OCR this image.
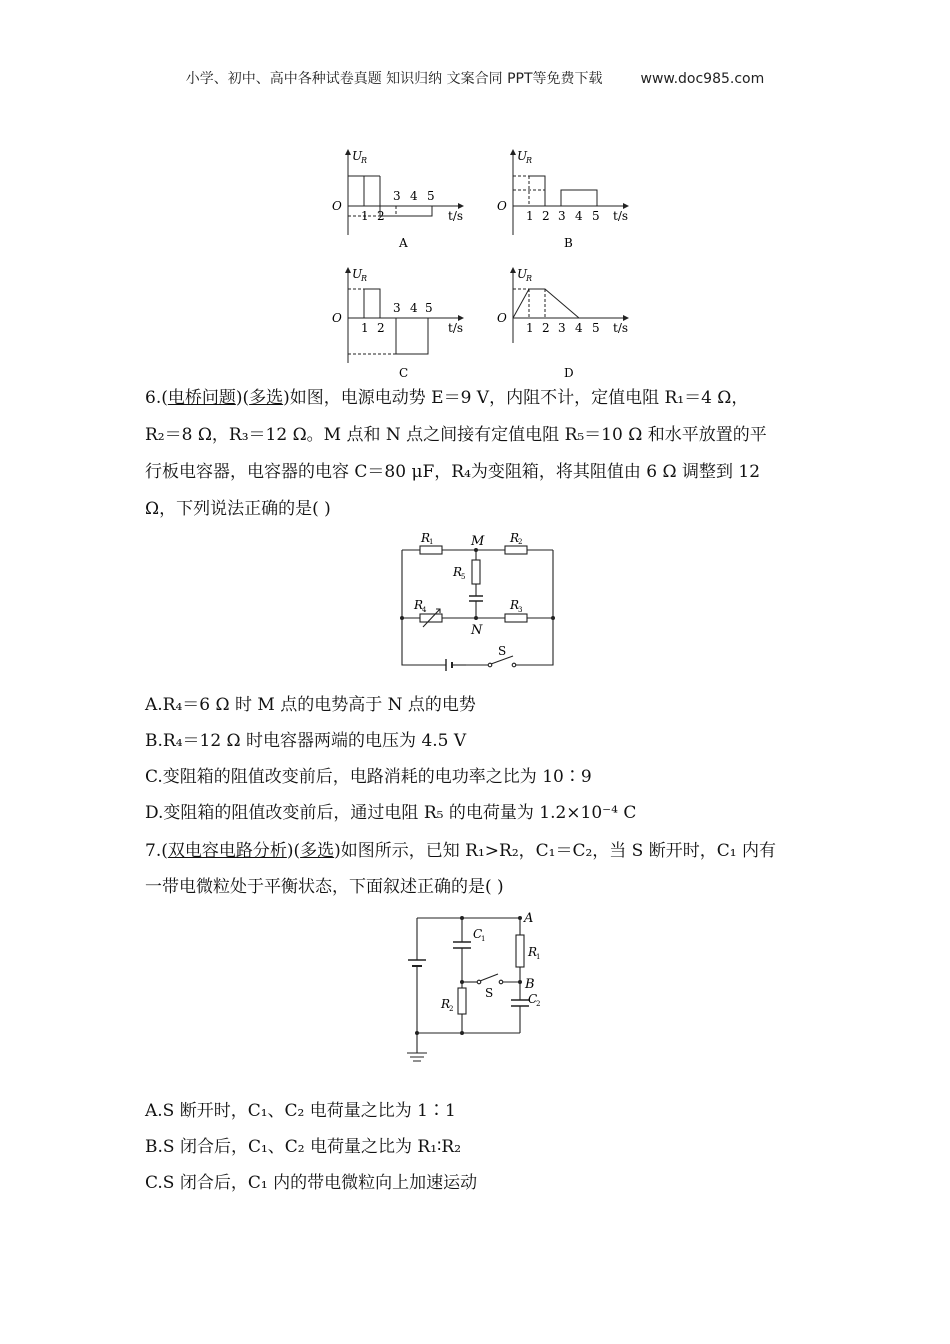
小学、初中、高中各种试卷真题 知识归纳 文案合同 PPT等免费下载	www.doc985.com
U
R
O
t/s
1 2
3 4 5
A
U
R
O
t/s
1 2 3 4 5
B
U
R
O
t/s
1 2
3 4 5
C
U
R
O
t/s
1 2 3 4 5
D
6.(电桥问题)(多选)如图，电源电动势 E＝9 V，内阻不计，定值电阻 R₁＝4 Ω，
R₂＝8 Ω，R₃＝12 Ω。M 点和 N 点之间接有定值电阻 R₅＝10 Ω 和水平放置的平
行板电容器，电容器的电容 C＝80 μF，R₄为变阻箱，将其阻值由 6 Ω 调整到 12
Ω，下列说法正确的是( )
R
1	M R
2
R
5
R
4	R
3
N
S
A.R₄＝6 Ω 时 M 点的电势高于 N 点的电势
B.R₄＝12 Ω 时电容器两端的电压为 4.5 V
C.变阻箱的阻值改变前后，电路消耗的电功率之比为 10∶9
D.变阻箱的阻值改变前后，通过电阻 R₅ 的电荷量为 1.2×10⁻⁴ C
7.(双电容电路分析)(多选)如图所示，已知 R₁>R₂，C₁＝C₂，当 S 断开时，C₁ 内有
一带电微粒处于平衡状态，下面叙述正确的是( )
A
C
1
R
1
B
S	C
2
R
2
A.S 断开时，C₁、C₂ 电荷量之比为 1∶1
B.S 闭合后，C₁、C₂ 电荷量之比为 R₁∶R₂
C.S 闭合后，C₁ 内的带电微粒向上加速运动
